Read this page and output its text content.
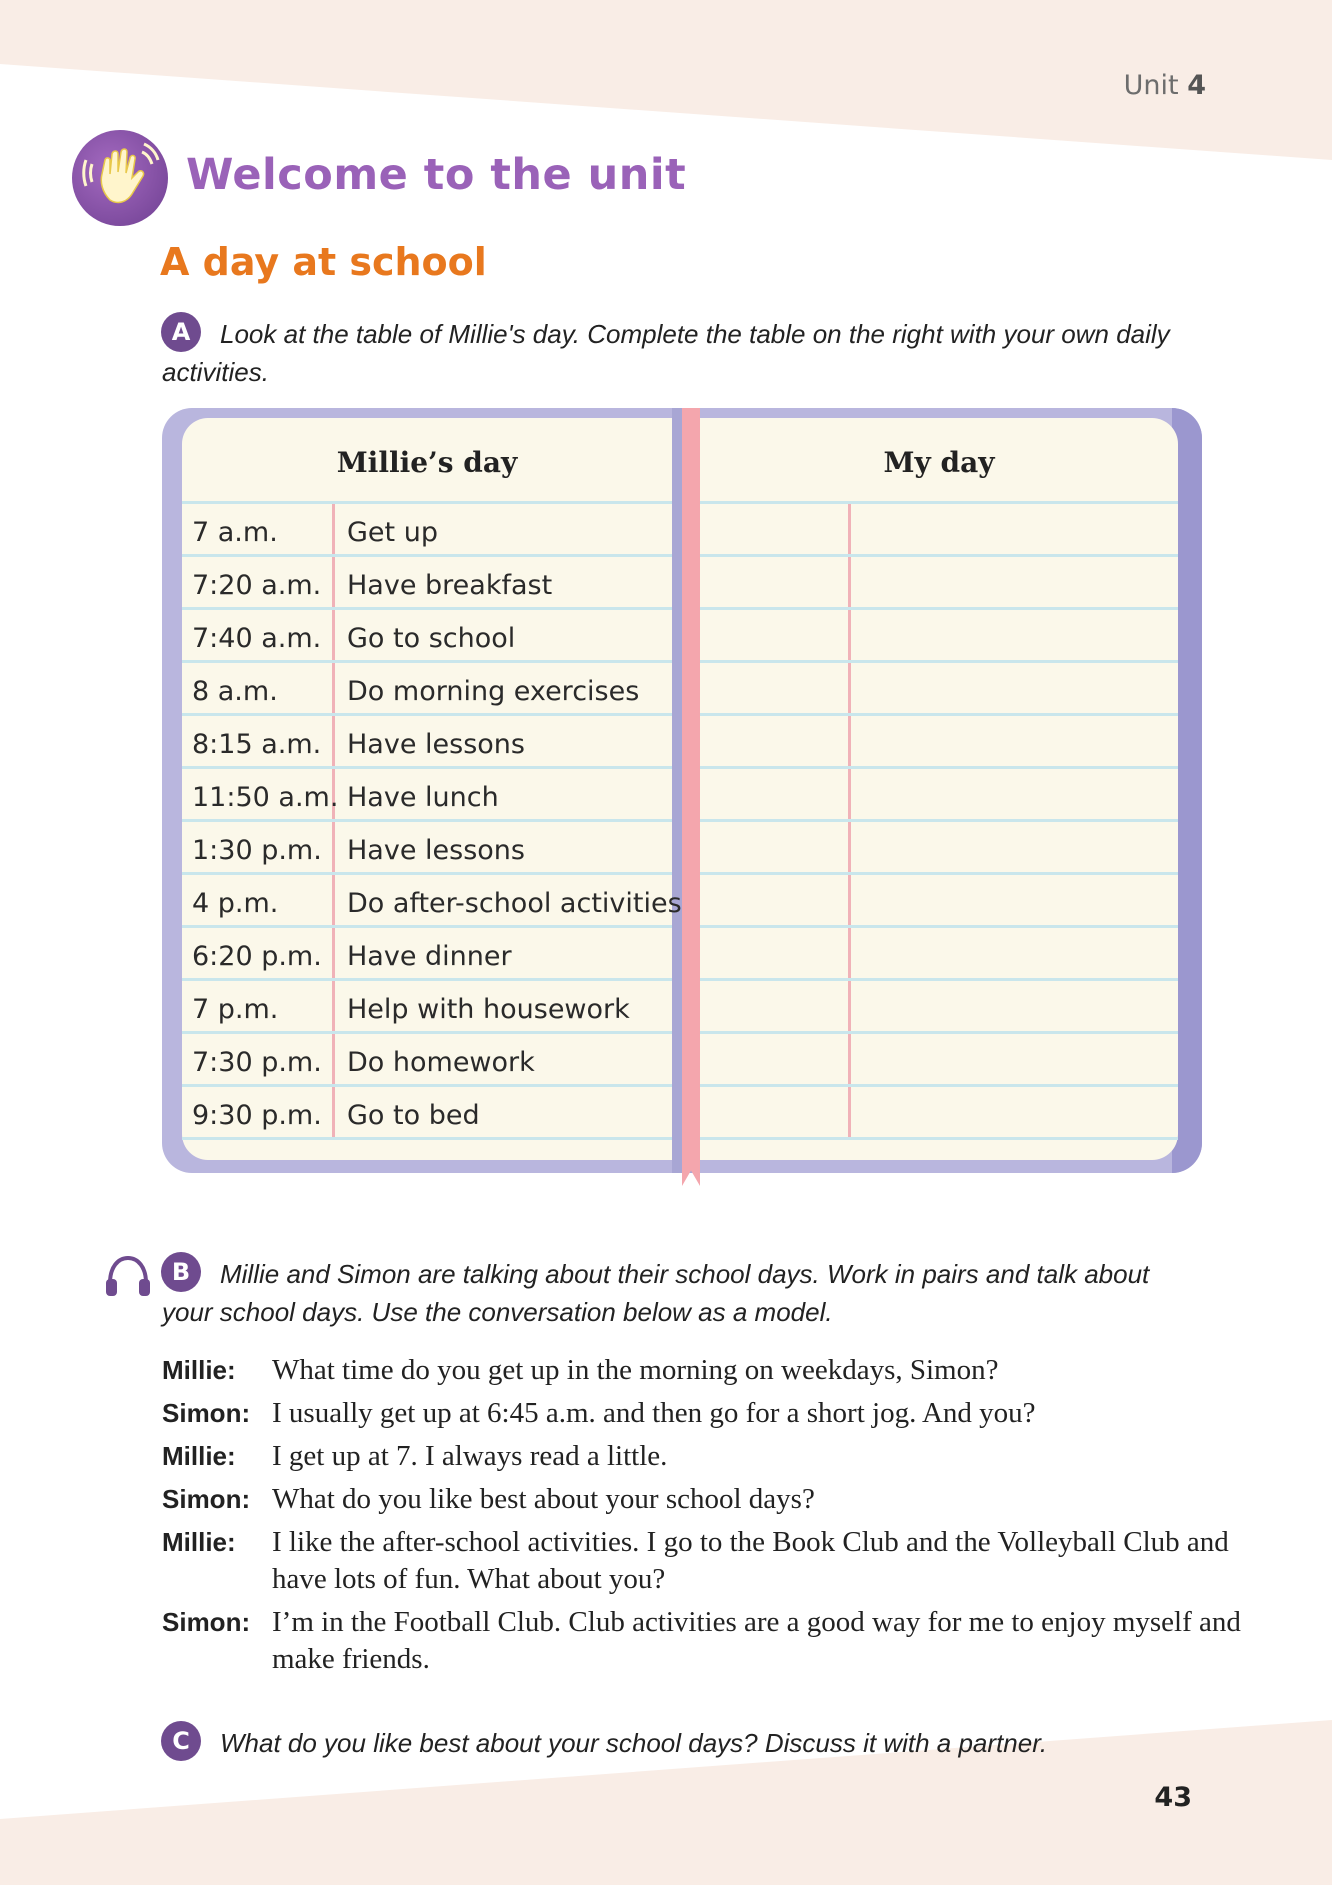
Unit 4
Welcome to the unit
A day at school
A	Look at the table of Millie's day. Complete the table on the right with your own daily
activities.
Millie’s day
7 a.m.	Get up
7:20 a.m. Have breakfast
7:40 a.m. Go to school
8 a.m.	Do morning exercises
8:15 a.m. Have lessons
11:50 a.m. Have lunch
1:30 p.m. Have lessons
4 p.m.	Do after-school activities
6:20 p.m. Have dinner
7 p.m.	Help with housework
7:30 p.m. Do homework
9:30 p.m. Go to bed
My day
B	Millie and Simon are talking about their school days. Work in pairs and talk about
your school days. Use the conversation below as a model.
Millie:	What time do you get up in the morning on weekdays, Simon?
Simon: I usually get up at 6:45 a.m. and then go for a short jog. And you?
Millie:	I get up at 7. I always read a little.
Simon: What do you like best about your school days?
Millie:	I like the after-school activities. I go to the Book Club and the Volleyball Club and have lots of fun. What about you?
Simon: I’m in the Football Club. Club activities are a good way for me to enjoy myself and make friends.
C	What do you like best about your school days? Discuss it with a partner.
43
